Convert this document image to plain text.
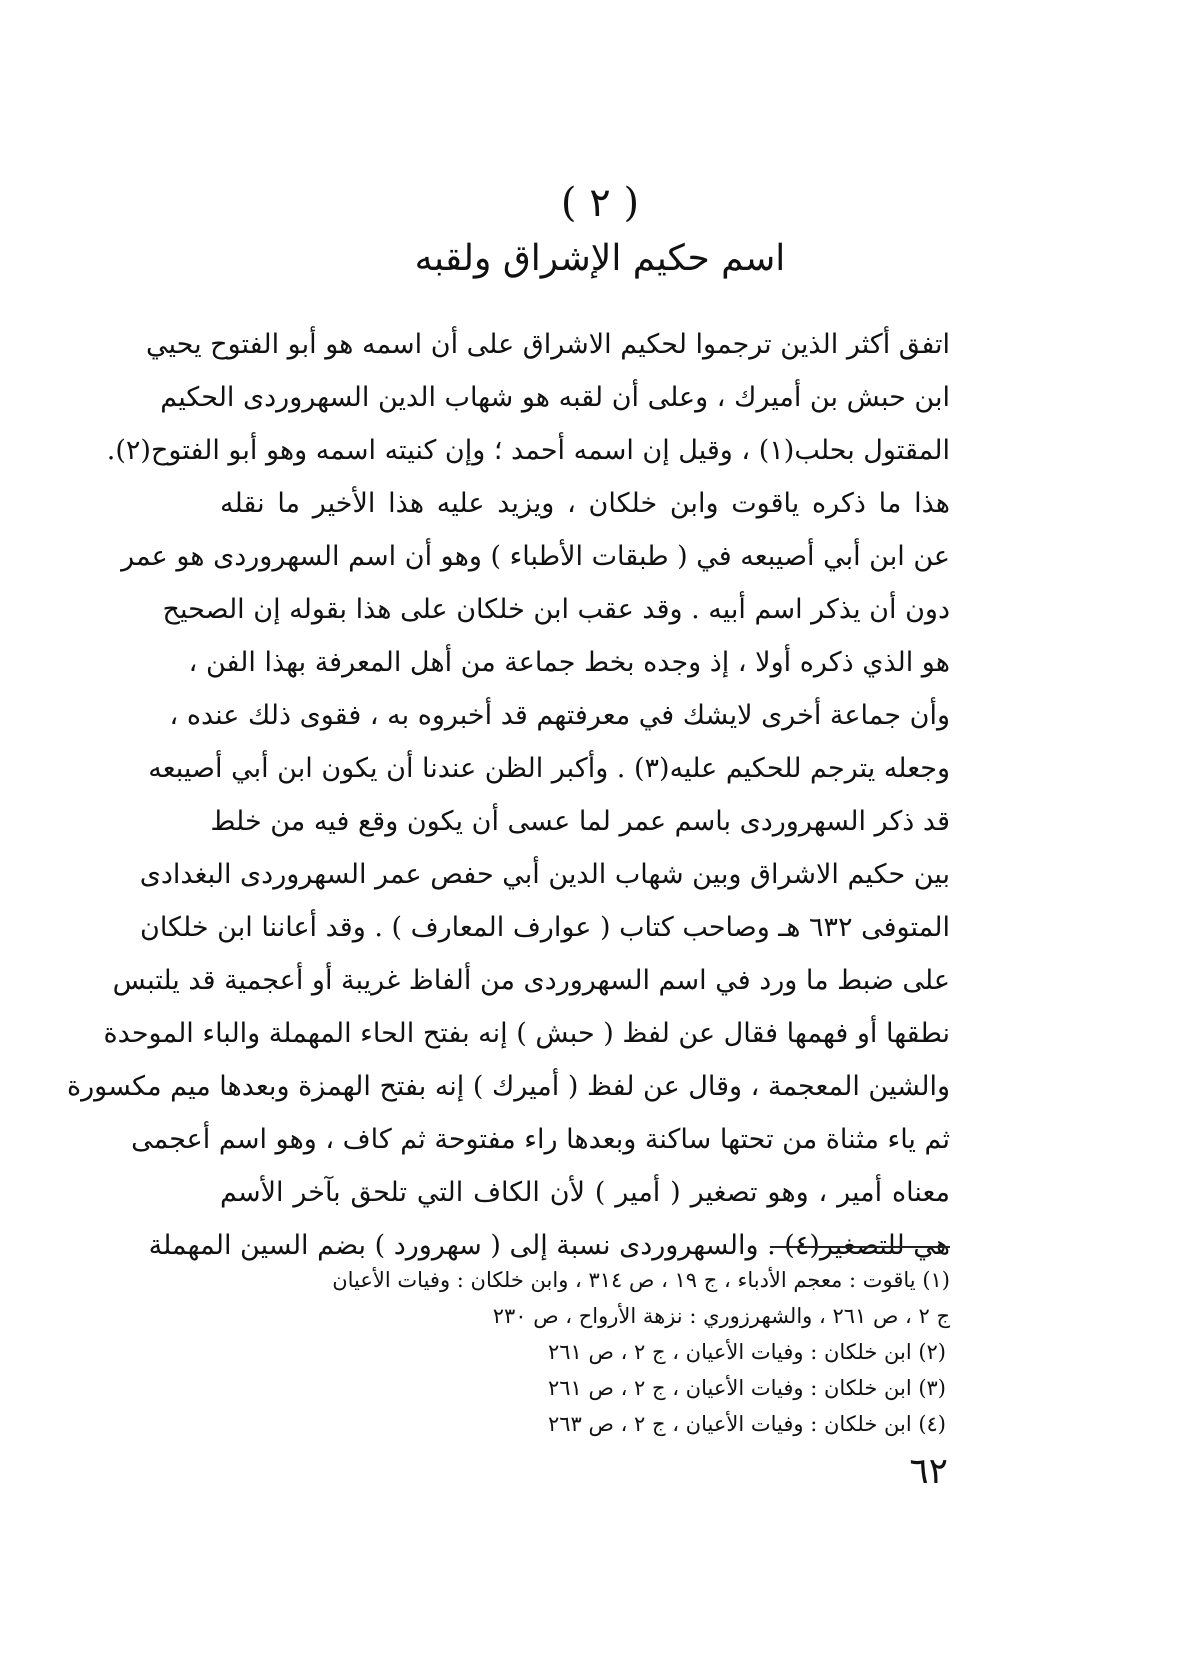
( ٢ )
اسم حكيم الإشراق ولقبه
اتفق أكثر الذين ترجموا لحكيم الاشراق على أن اسمه هو أبو الفتوح يحيي
ابن حبش بن أميرك ، وعلى أن لقبه هو شهاب الدين السهروردى الحكيم
المقتول بحلب(١) ، وقيل إن اسمه أحمد ؛ وإن كنيته اسمه وهو أبو الفتوح(٢).
هذا ما ذكره ياقوت وابن خلكان ، ويزيد عليه هذا الأخير ما نقله
عن ابن أبي أصيبعه في ( طبقات الأطباء ) وهو أن اسم السهروردى هو عمر
دون أن يذكر اسم أبيه . وقد عقب ابن خلكان على هذا بقوله إن الصحيح
هو الذي ذكره أولا ، إذ وجده بخط جماعة من أهل المعرفة بهذا الفن ،
وأن جماعة أخرى لايشك في معرفتهم قد أخبروه به ، فقوى ذلك عنده ،
وجعله يترجم للحكيم عليه(٣) . وأكبر الظن عندنا أن يكون ابن أبي أصيبعه
قد ذكر السهروردى باسم عمر لما عسى أن يكون وقع فيه من خلط
بين حكيم الاشراق وبين شهاب الدين أبي حفص عمر السهروردى البغدادى
المتوفى ٦٣٢ هـ وصاحب كتاب ( عوارف المعارف ) . وقد أعاننا ابن خلكان
على ضبط ما ورد في اسم السهروردى من ألفاظ غريبة أو أعجمية قد يلتبس
نطقها أو فهمها فقال عن لفظ ( حبش ) إنه بفتح الحاء المهملة والباء الموحدة
والشين المعجمة ، وقال عن لفظ ( أميرك ) إنه بفتح الهمزة وبعدها ميم مكسورة
ثم ياء مثناة من تحتها ساكنة وبعدها راء مفتوحة ثم كاف ، وهو اسم أعجمى
معناه أمير ، وهو تصغير ( أمير ) لأن الكاف التي تلحق بآخر الأسم
هي للتصغير(٤) . والسهروردى نسبة إلى ( سهرورد ) بضم السين المهملة
(١) ياقوت : معجم الأدباء ، ج ١٩ ، ص ٣١٤ ، وابن خلكان : وفيات الأعيان
ج ٢ ، ص ٢٦١ ، والشهرزوري : نزهة الأرواح ، ص ٢٣٠
(٢) ابن خلكان : وفيات الأعيان ، ج ٢ ، ص ٢٦١
(٣) ابن خلكان : وفيات الأعيان ، ج ٢ ، ص ٢٦١
(٤) ابن خلكان : وفيات الأعيان ، ج ٢ ، ص ٢٦٣
٦٢
